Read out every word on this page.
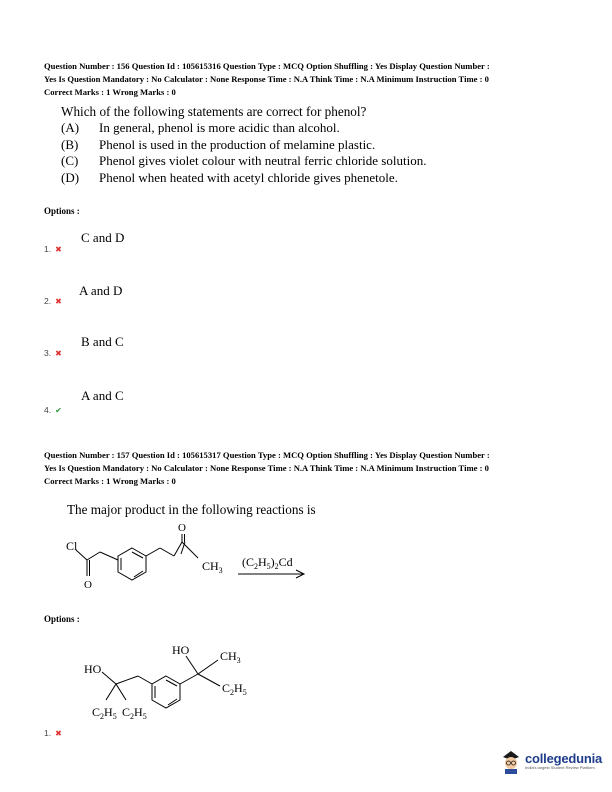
Question Number : 156 Question Id : 105615316 Question Type : MCQ Option Shuffling : Yes Display Question Number :
Yes Is Question Mandatory : No Calculator : None Response Time : N.A Think Time : N.A Minimum Instruction Time : 0
Correct Marks : 1 Wrong Marks : 0
Which of the following statements are correct for phenol?
(A)	In general, phenol is more acidic than alcohol.
(B)	Phenol is used in the production of melamine plastic.
(C)	Phenol gives violet colour with neutral ferric chloride solution.
(D)	Phenol when heated with acetyl chloride gives phenetole.
Options :
C and D
1. ✖
A and D
2. ✖
B and C
3. ✖
A and C
4. ✔
Question Number : 157 Question Id : 105615317 Question Type : MCQ Option Shuffling : Yes Display Question Number :
Yes Is Question Mandatory : No Calculator : None Response Time : N.A Think Time : N.A Minimum Instruction Time : 0
Correct Marks : 1 Wrong Marks : 0
The major product in the following reactions is
Cl
O
O
$CH_3$
$(C_2H_5)_2Cd$
Options :
HO
HO	$CH_3$
$C_2H_5$
$C_2H_5$ $C_2H_5$
1. ✖
collegedunia
India's largest Student Review Platform
